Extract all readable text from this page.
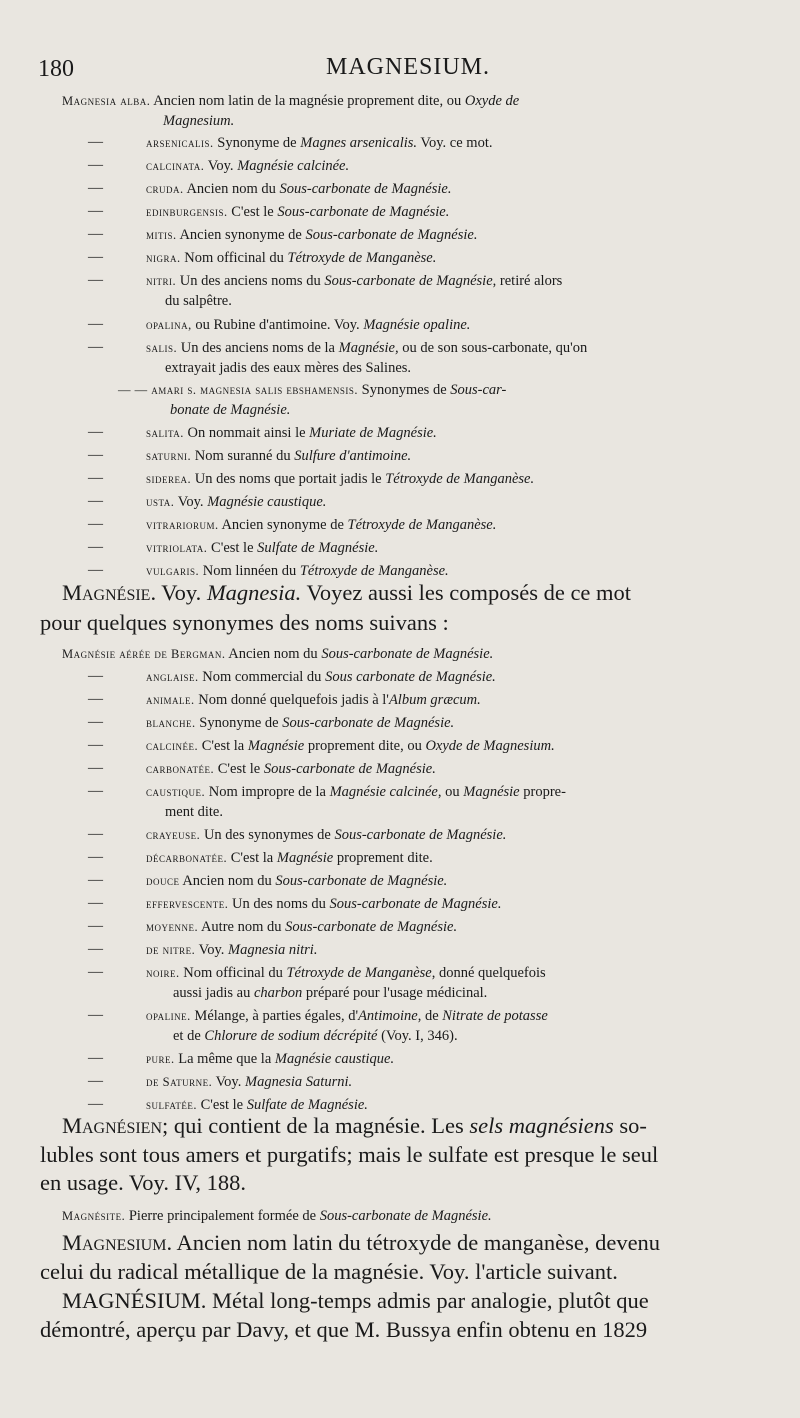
180	MAGNESIUM.
Magnesia alba. Ancien nom latin de la magnésie proprement dite, ou Oxyde de
Magnesium.
—	arsenicalis. Synonyme de Magnes arsenicalis. Voy. ce mot.
—	calcinata. Voy. Magnésie calcinée.
—	cruda. Ancien nom du Sous-carbonate de Magnésie.
—	edinburgensis. C'est le Sous-carbonate de Magnésie.
—	mitis. Ancien synonyme de Sous-carbonate de Magnésie.
—	nigra. Nom officinal du Tétroxyde de Manganèse.
—	nitri. Un des anciens noms du Sous-carbonate de Magnésie, retiré alors
du salpêtre.
—	opalina, ou Rubine d'antimoine. Voy. Magnésie opaline.
—	salis. Un des anciens noms de la Magnésie, ou de son sous-carbonate, qu'on
extrayait jadis des eaux mères des Salines.
— — amari s. magnesia salis ebshamensis. Synonymes de Sous-car-
bonate de Magnésie.
—	salita. On nommait ainsi le Muriate de Magnésie.
—	saturni. Nom suranné du Sulfure d'antimoine.
—	siderea. Un des noms que portait jadis le Tétroxyde de Manganèse.
—	usta. Voy. Magnésie caustique.
—	vitrariorum. Ancien synonyme de Tétroxyde de Manganèse.
—	vitriolata. C'est le Sulfate de Magnésie.
—	vulgaris. Nom linnéen du Tétroxyde de Manganèse.
Magnésie. Voy. Magnesia. Voyez aussi les composés de ce mot
pour quelques synonymes des noms suivans :
Magnésie aérée de Bergman. Ancien nom du Sous-carbonate de Magnésie.
—	anglaise. Nom commercial du Sous carbonate de Magnésie.
—	animale. Nom donné quelquefois jadis à l'Album græcum.
—	blanche. Synonyme de Sous-carbonate de Magnésie.
—	calcinée. C'est la Magnésie proprement dite, ou Oxyde de Magnesium.
—	carbonatée. C'est le Sous-carbonate de Magnésie.
—	caustique. Nom impropre de la Magnésie calcinée, ou Magnésie propre-
ment dite.
—	crayeuse. Un des synonymes de Sous-carbonate de Magnésie.
—	décarbonatée. C'est la Magnésie proprement dite.
—	douce Ancien nom du Sous-carbonate de Magnésie.
—	effervescente. Un des noms du Sous-carbonate de Magnésie.
—	moyenne. Autre nom du Sous-carbonate de Magnésie.
—	de nitre. Voy. Magnesia nitri.
—	noire. Nom officinal du Tétroxyde de Manganèse, donné quelquefois
aussi jadis au charbon préparé pour l'usage médicinal.
—	opaline. Mélange, à parties égales, d'Antimoine, de Nitrate de potasse
et de Chlorure de sodium décrépité (Voy. I, 346).
—	pure. La même que la Magnésie caustique.
—	de Saturne. Voy. Magnesia Saturni.
—	sulfatée. C'est le Sulfate de Magnésie.
Magnésien; qui contient de la magnésie. Les sels magnésiens so-
lubles sont tous amers et purgatifs; mais le sulfate est presque le seul
en usage. Voy. IV, 188.
Magnésite. Pierre principalement formée de Sous-carbonate de Magnésie.
Magnesium. Ancien nom latin du tétroxyde de manganèse, devenu
celui du radical métallique de la magnésie. Voy. l'article suivant.
MAGNÉSIUM. Métal long-temps admis par analogie, plutôt que
démontré, aperçu par Davy, et que M. Bussya enfin obtenu en 1829
